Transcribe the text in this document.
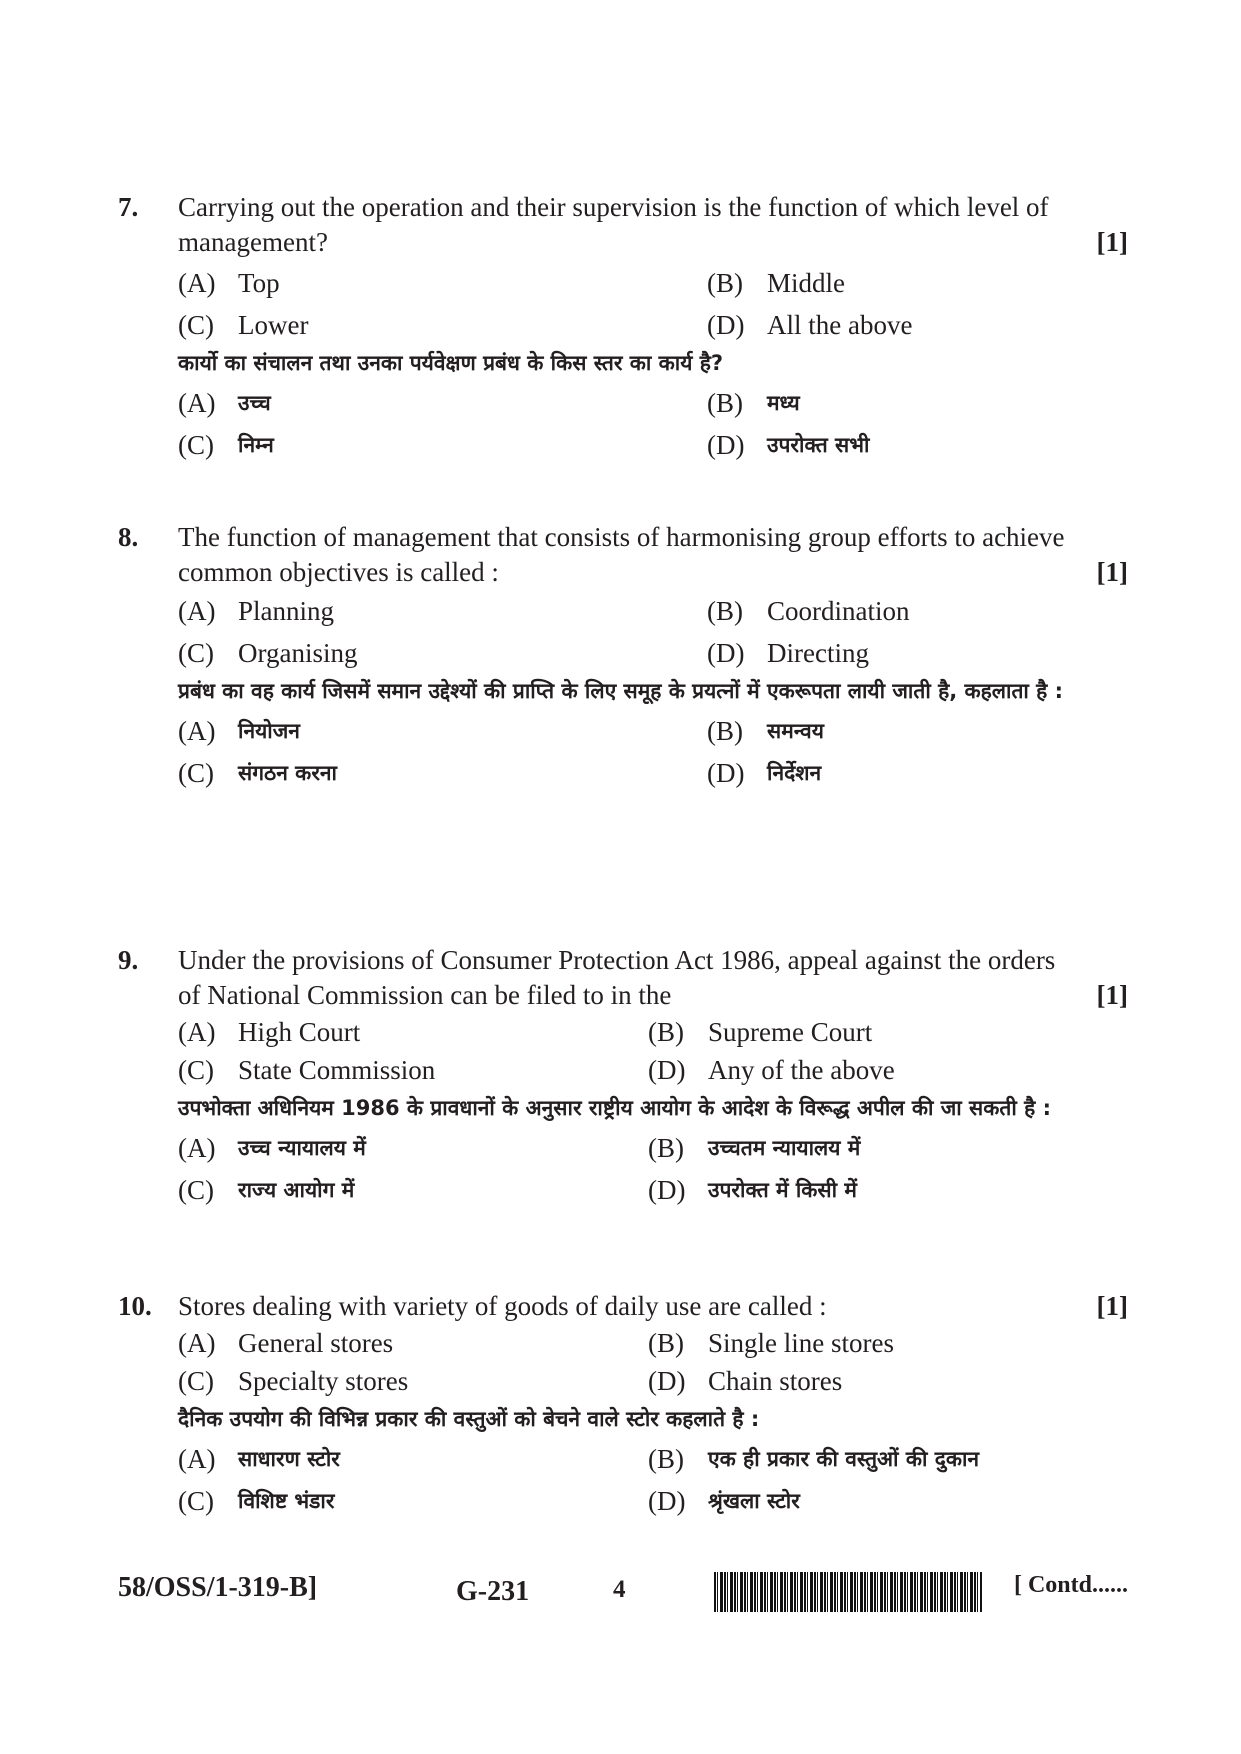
7.	Carrying out the operation and their supervision is the function of which level of management?	[1]
(A) Top	(B) Middle
(C) Lower	(D) All the above
कार्यो का संचालन तथा उनका पर्यवेक्षण प्रबंध के किस स्तर का कार्य है?
(A)	उच्च	(B)	मध्य
(C)	निम्न	(D)	उपरोक्त सभी
8.	The function of management that consists of harmonising group efforts to achieve common objectives is called :	[1]
(A) Planning	(B) Coordination
(C) Organising	(D) Directing
प्रबंध का वह कार्य जिसमें समान उद्देश्यों की प्राप्ति के लिए समूह के प्रयत्नों में एकरूपता लायी जाती है, कहलाता है :
(A)	नियोजन	(B)	समन्वय
(C)	संगठन करना	(D)	निर्देशन
9.	Under the provisions of Consumer Protection Act 1986, appeal against the orders of National Commission can be filed to in the	[1]
(A) High Court	(B) Supreme Court
(C) State Commission	(D) Any of the above
उपभोक्ता अधिनियम 1986 के प्रावधानों के अनुसार राष्ट्रीय आयोग के आदेश के विरूद्ध अपील की जा सकती है :
(A)	उच्च न्यायालय में	(B)	उच्चतम न्यायालय में
(C)	राज्य आयोग में	(D)	उपरोक्त में किसी में
10. Stores dealing with variety of goods of daily use are called :	[1]
(A) General stores	(B) Single line stores
(C) Specialty stores	(D) Chain stores
दैनिक उपयोग की विभिन्न प्रकार की वस्तुओं को बेचने वाले स्टोर कहलाते है :
(A)	साधारण स्टोर	(B)	एक ही प्रकार की वस्तुओं की दुकान
(C)	विशिष्ट भंडार	(D)	श्रृंखला स्टोर
58/OSS/1-319-B]	G-231	4	[ Contd......
